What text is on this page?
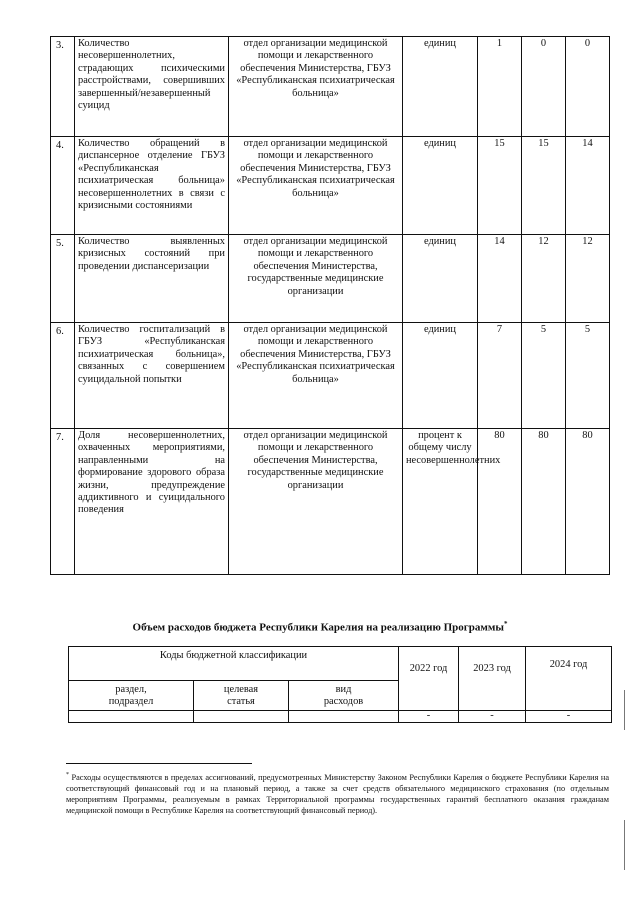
3.	Количество несовершеннолетних, страдающих психическими расстройствами, совершивших завершенный/незавершенный суицид	отдел организации медицинской помощи и лекарственного обеспечения Министерства, ГБУЗ «Республиканская психиатрическая больница»	единиц	1	0	0
4.	Количество обращений в диспансерное отделение ГБУЗ «Республиканская психиатрическая больница» несовершеннолетних в связи с кризисными состояниями	отдел организации медицинской помощи и лекарственного обеспечения Министерства, ГБУЗ «Республиканская психиатрическая больница»	единиц	15	15	14
5.	Количество выявленных кризисных состояний при проведении диспансеризации	отдел организации медицинской помощи и лекарственного обеспечения Министерства, государственные медицинские организации	единиц	14	12	12
6.	Количество госпитализаций в ГБУЗ «Республиканская психиатрическая больница», связанных с совершением суицидальной попытки	отдел организации медицинской помощи и лекарственного обеспечения Министерства, ГБУЗ «Республиканская психиатрическая больница»	единиц	7	5	5
7.	Доля несовершеннолетних, охваченных мероприятиями, направленными на формирование здорового образа жизни, предупреждение аддиктивного и суицидального поведения	отдел организации медицинской помощи и лекарственного обеспечения Министерства, государственные медицинские организации	процент к общему числу несовершеннолетних	80	80	80
Объем расходов бюджета Республики Карелия на реализацию Программы*
Коды бюджетной классификации			2022 год	2023 год	2024 год
раздел, подраздел	целевая статья	вид расходов			
			-	-	-
* Расходы осуществляются в пределах ассигнований, предусмотренных Министерству Законом Республики Карелия о бюджете Республики Карелия на соответствующий финансовый год и на плановый период, а также за счет средств обязательного медицинского страхования (по отдельным мероприятиям Программы, реализуемым в рамках Территориальной программы государственных гарантий бесплатного оказания гражданам медицинской помощи в Республике Карелия на соответствующий финансовый период).
